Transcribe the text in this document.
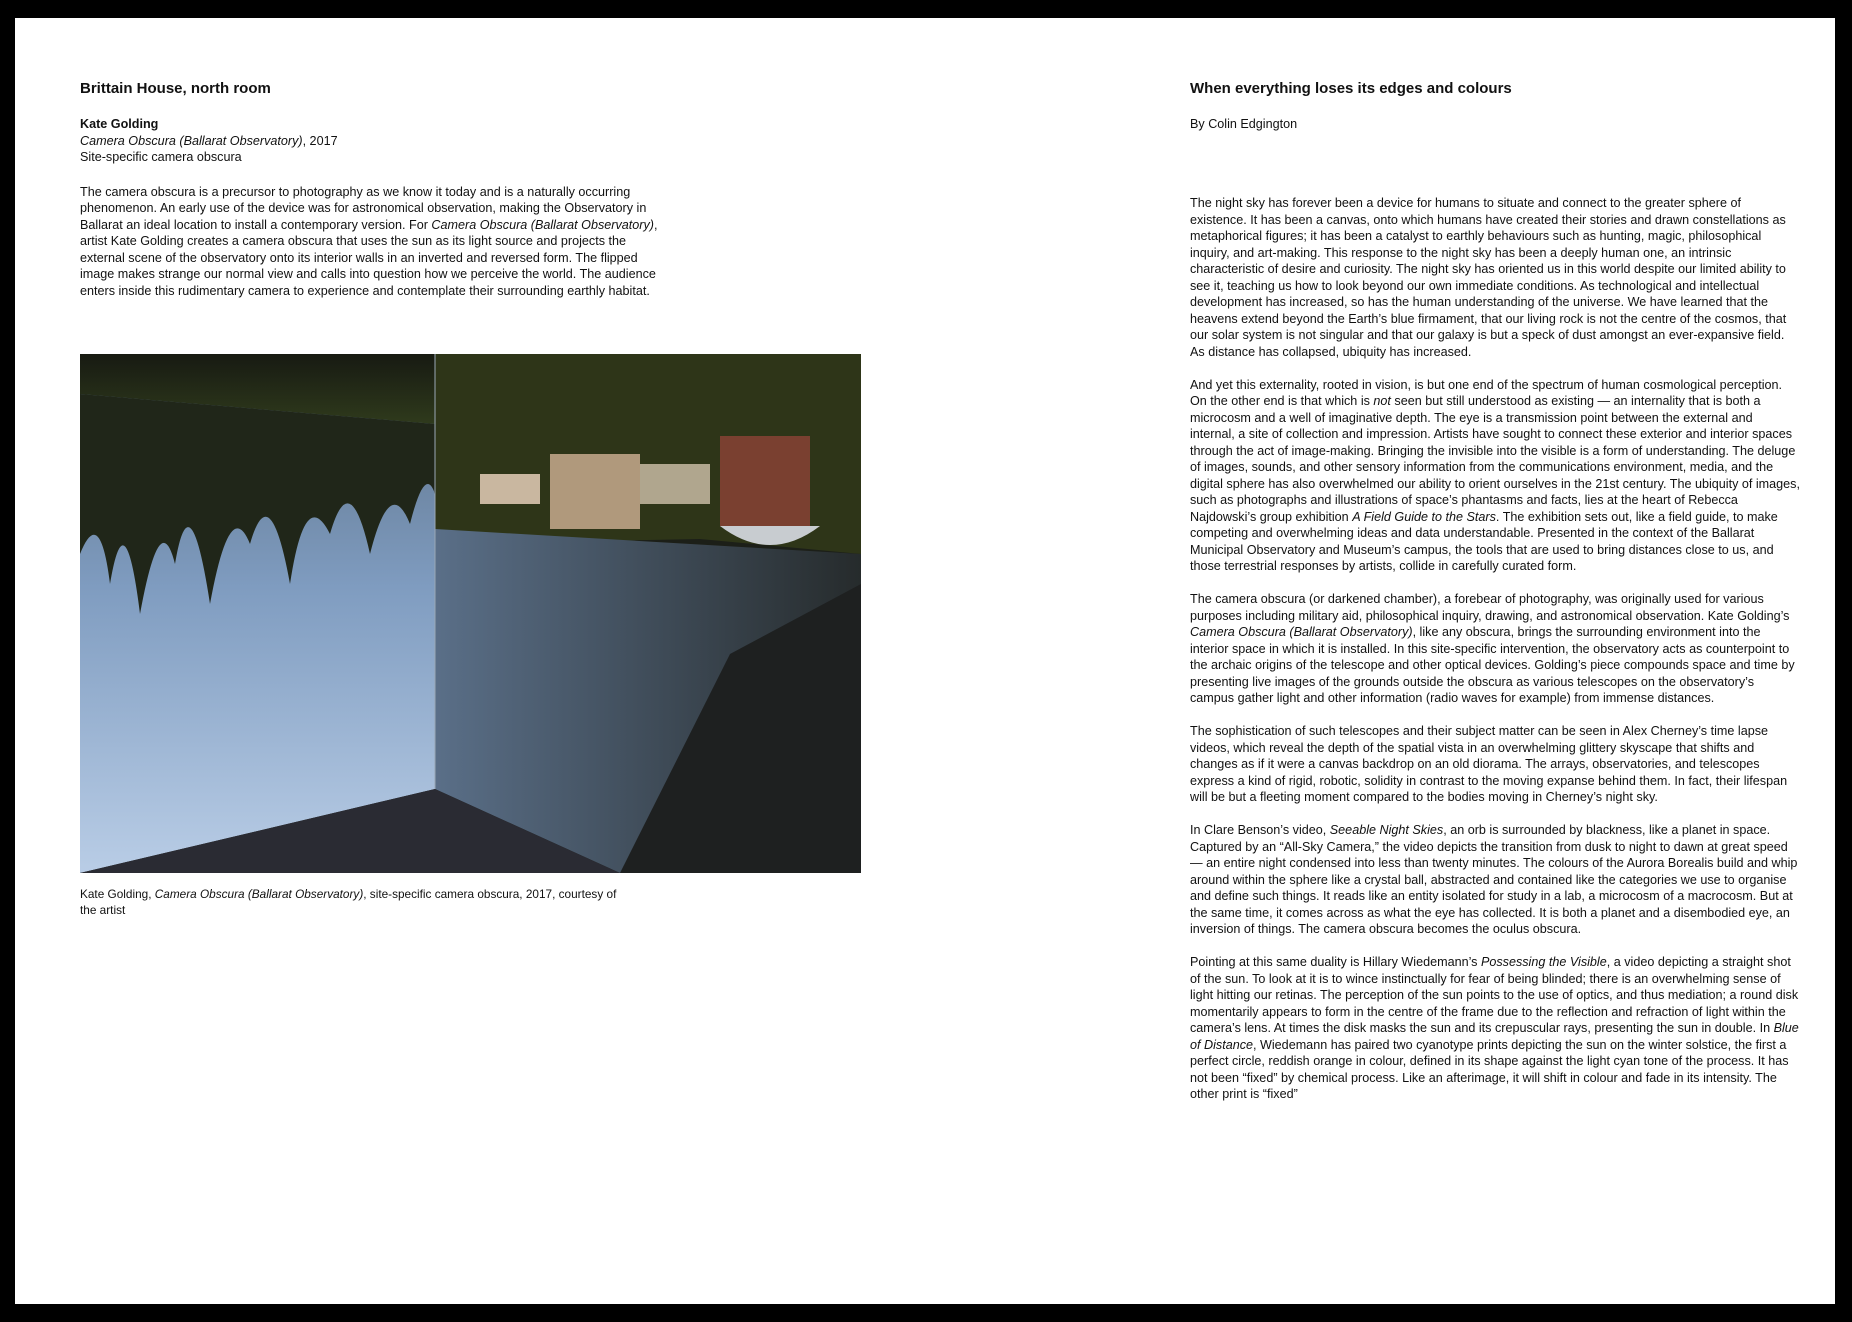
Brittain House, north room

Kate Golding
Camera Obscura (Ballarat Observatory), 2017
Site-specific camera obscura

The camera obscura is a precursor to photography as we know it today and is a naturally occurring phenomenon. An early use of the device was for astronomical observation, making the Observatory in Ballarat an ideal location to install a contemporary version. For Camera Obscura (Ballarat Observatory), artist Kate Golding creates a camera obscura that uses the sun as its light source and projects the external scene of the observatory onto its interior walls in an inverted and reversed form. The flipped image makes strange our normal view and calls into question how we perceive the world. The audience enters inside this rudimentary camera to experience and contemplate their surrounding earthly habitat.

Kate Golding, Camera Obscura (Ballarat Observatory), site-specific camera obscura, 2017, courtesy of the artist
When everything loses its edges and colours

By Colin Edgington

The night sky has forever been a device for humans to situate and connect to the greater sphere of existence. It has been a canvas, onto which humans have created their stories and drawn constellations as metaphorical figures; it has been a catalyst to earthly behaviours such as hunting, magic, philosophical inquiry, and art-making. This response to the night sky has been a deeply human one, an intrinsic characteristic of desire and curiosity. The night sky has oriented us in this world despite our limited ability to see it, teaching us how to look beyond our own immediate conditions. As technological and intellectual development has increased, so has the human understanding of the universe. We have learned that the heavens extend beyond the Earth’s blue firmament, that our living rock is not the centre of the cosmos, that our solar system is not singular and that our galaxy is but a speck of dust amongst an ever-expansive field. As distance has collapsed, ubiquity has increased.

And yet this externality, rooted in vision, is but one end of the spectrum of human cosmological perception. On the other end is that which is not seen but still understood as existing — an internality that is both a microcosm and a well of imaginative depth. The eye is a transmission point between the external and internal, a site of collection and impression. Artists have sought to connect these exterior and interior spaces through the act of image-making. Bringing the invisible into the visible is a form of understanding. The deluge of images, sounds, and other sensory information from the communications environment, media, and the digital sphere has also overwhelmed our ability to orient ourselves in the 21st century. The ubiquity of images, such as photographs and illustrations of space’s phantasms and facts, lies at the heart of Rebecca Najdowski’s group exhibition A Field Guide to the Stars. The exhibition sets out, like a field guide, to make competing and overwhelming ideas and data understandable. Presented in the context of the Ballarat Municipal Observatory and Museum’s campus, the tools that are used to bring distances close to us, and those terrestrial responses by artists, collide in carefully curated form.

The camera obscura (or darkened chamber), a forebear of photography, was originally used for various purposes including military aid, philosophical inquiry, drawing, and astronomical observation. Kate Golding’s Camera Obscura (Ballarat Observatory), like any obscura, brings the surrounding environment into the interior space in which it is installed. In this site-specific intervention, the observatory acts as counterpoint to the archaic origins of the telescope and other optical devices. Golding’s piece compounds space and time by presenting live images of the grounds outside the obscura as various telescopes on the observatory’s campus gather light and other information (radio waves for example) from immense distances.

The sophistication of such telescopes and their subject matter can be seen in Alex Cherney’s time lapse videos, which reveal the depth of the spatial vista in an overwhelming glittery skyscape that shifts and changes as if it were a canvas backdrop on an old diorama. The arrays, observatories, and telescopes express a kind of rigid, robotic, solidity in contrast to the moving expanse behind them. In fact, their lifespan will be but a fleeting moment compared to the bodies moving in Cherney’s night sky.

In Clare Benson’s video, Seeable Night Skies, an orb is surrounded by blackness, like a planet in space. Captured by an “All-Sky Camera,” the video depicts the transition from dusk to night to dawn at great speed — an entire night condensed into less than twenty minutes. The colours of the Aurora Borealis build and whip around within the sphere like a crystal ball, abstracted and contained like the categories we use to organise and define such things. It reads like an entity isolated for study in a lab, a microcosm of a macrocosm. But at the same time, it comes across as what the eye has collected. It is both a planet and a disembodied eye, an inversion of things. The camera obscura becomes the oculus obscura.

Pointing at this same duality is Hillary Wiedemann’s Possessing the Visible, a video depicting a straight shot of the sun. To look at it is to wince instinctually for fear of being blinded; there is an overwhelming sense of light hitting our retinas. The perception of the sun points to the use of optics, and thus mediation; a round disk momentarily appears to form in the centre of the frame due to the reflection and refraction of light within the camera’s lens. At times the disk masks the sun and its crepuscular rays, presenting the sun in double. In Blue of Distance, Wiedemann has paired two cyanotype prints depicting the sun on the winter solstice, the first a perfect circle, reddish orange in colour, defined in its shape against the light cyan tone of the process. It has not been “fixed” by chemical process. Like an afterimage, it will shift in colour and fade in its intensity. The other print is “fixed”
